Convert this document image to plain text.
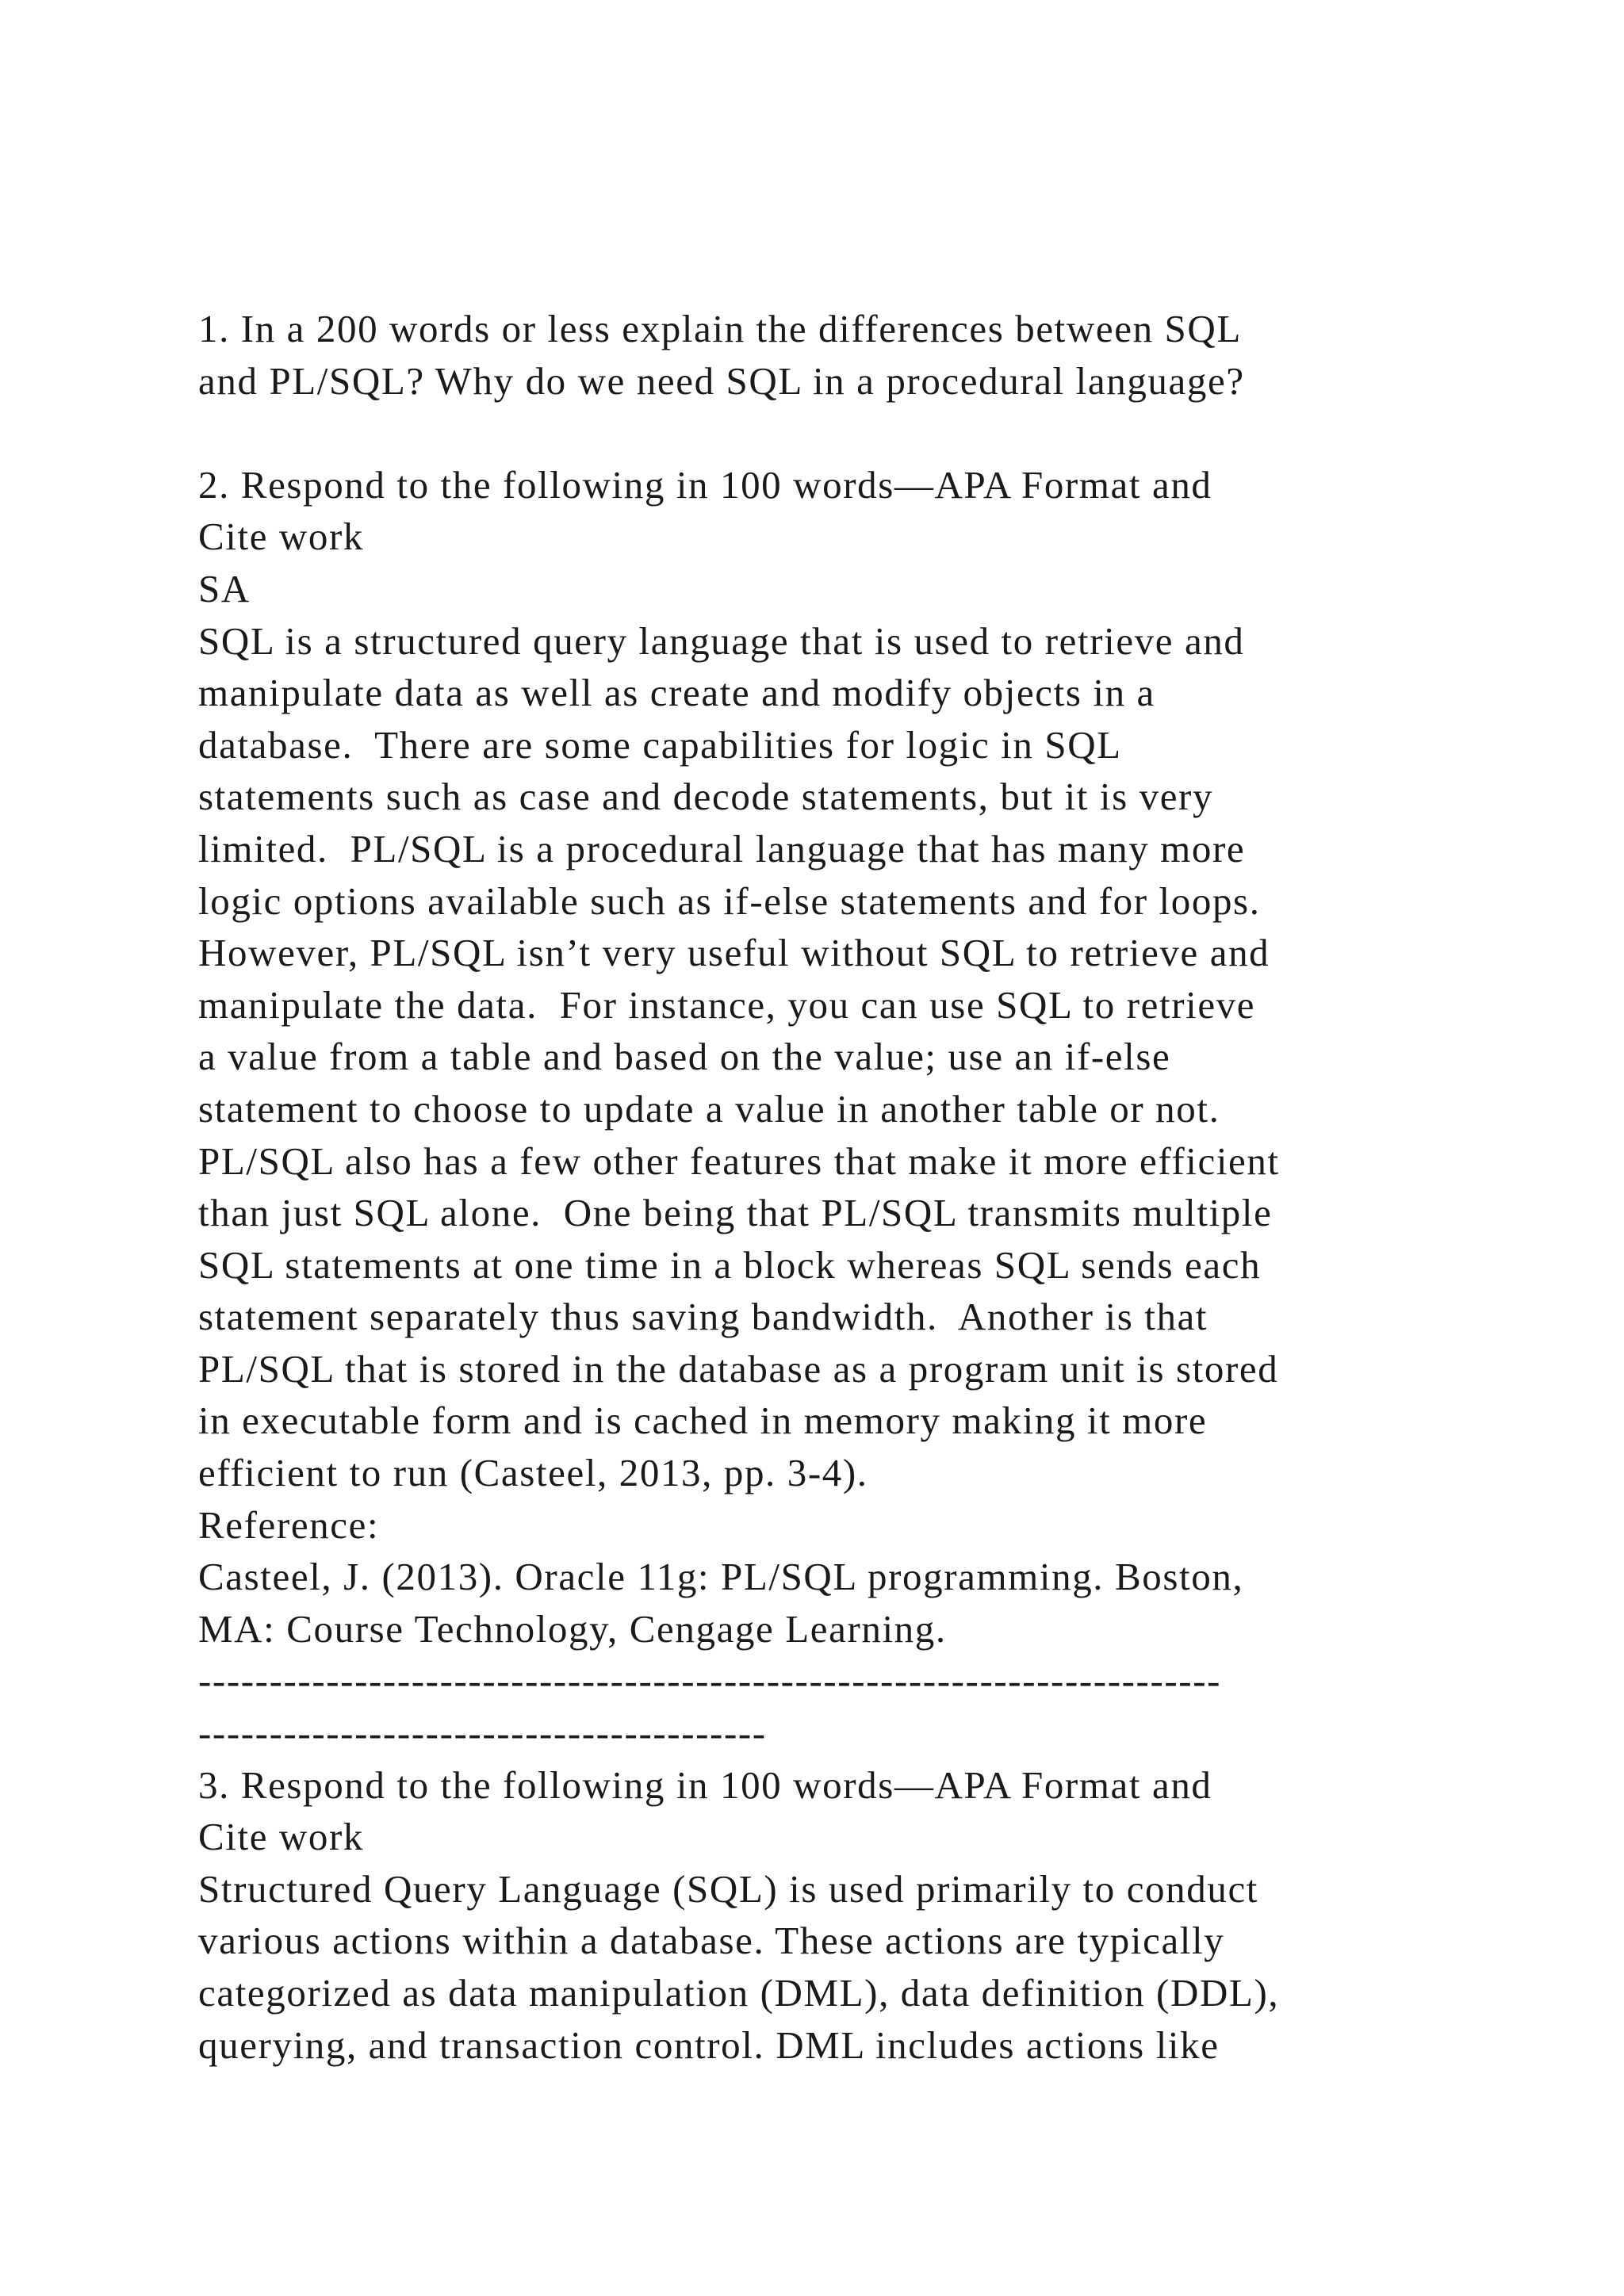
1. In a 200 words or less explain the differences between SQL
and PL/SQL? Why do we need SQL in a procedural language?
2. Respond to the following in 100 words—APA Format and
Cite work
SA
SQL is a structured query language that is used to retrieve and
manipulate data as well as create and modify objects in a
database.  There are some capabilities for logic in SQL
statements such as case and decode statements, but it is very
limited.  PL/SQL is a procedural language that has many more
logic options available such as if-else statements and for loops.
However, PL/SQL isn’t very useful without SQL to retrieve and
manipulate the data.  For instance, you can use SQL to retrieve
a value from a table and based on the value; use an if-else
statement to choose to update a value in another table or not.
PL/SQL also has a few other features that make it more efficient
than just SQL alone.  One being that PL/SQL transmits multiple
SQL statements at one time in a block whereas SQL sends each
statement separately thus saving bandwidth.  Another is that
PL/SQL that is stored in the database as a program unit is stored
in executable form and is cached in memory making it more
efficient to run (Casteel, 2013, pp. 3-4).
Reference:
Casteel, J. (2013). Oracle 11g: PL/SQL programming. Boston,
MA: Course Technology, Cengage Learning.
------------------------------------------------------------------------
----------------------------------------
3. Respond to the following in 100 words—APA Format and
Cite work
Structured Query Language (SQL) is used primarily to conduct
various actions within a database. These actions are typically
categorized as data manipulation (DML), data definition (DDL),
querying, and transaction control. DML includes actions like
